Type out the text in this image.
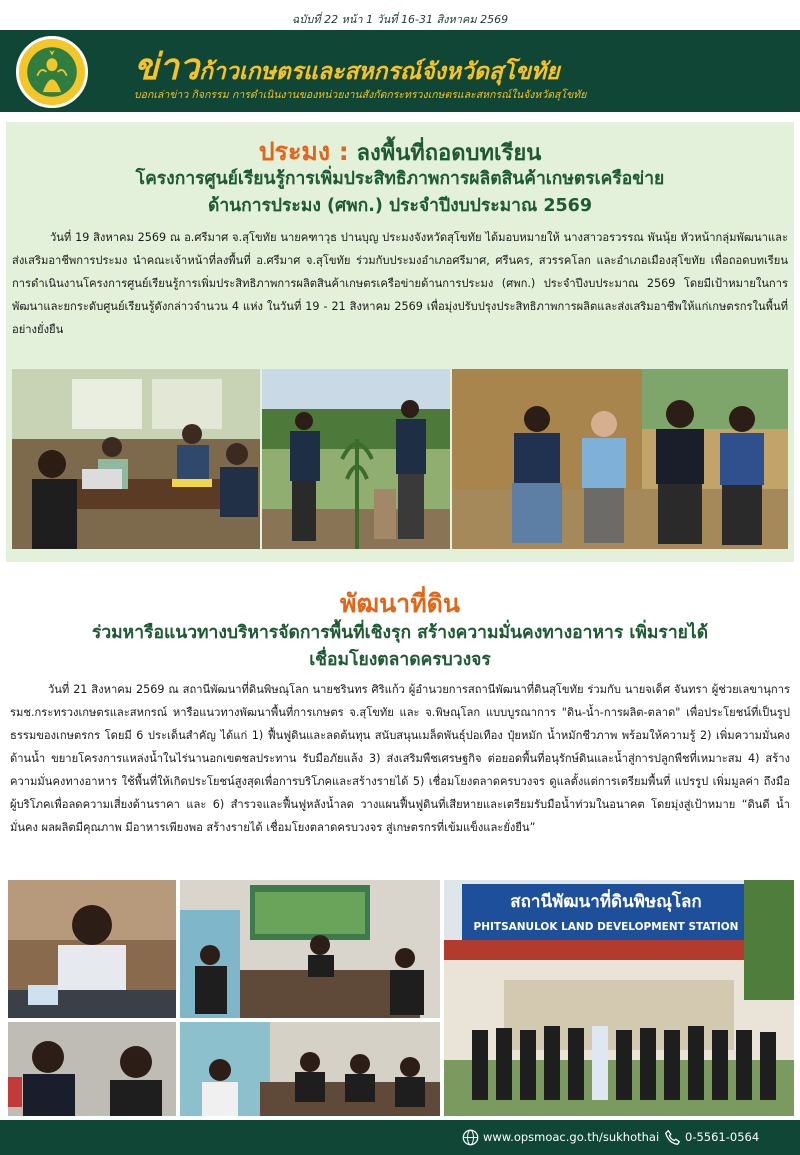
ฉบับที่ 22 หน้า 1 วันที่ 16-31 สิงหาคม 2569
ข่าวก้าวเกษตรและสหกรณ์จังหวัดสุโขทัย
บอกเล่าข่าว กิจกรรม การดำเนินงานของหน่วยงานสังกัดกระทรวงเกษตรและสหกรณ์ในจังหวัดสุโขทัย
ประมง : ลงพื้นที่ถอดบทเรียน
โครงการศูนย์เรียนรู้การเพิ่มประสิทธิภาพการผลิตสินค้าเกษตรเครือข่าย
ด้านการประมง (ศพก.) ประจำปีงบประมาณ 2569

วันที่ 19 สิงหาคม 2569 ณ อ.ศรีมาศ จ.สุโขทัย นายคฑาวุธ ปานบุญ ประมงจังหวัดสุโขทัย ได้มอบหมายให้ นางสาวอรวรรณ พันนุ้ย หัวหน้ากลุ่มพัฒนาและส่งเสริมอาชีพการประมง นำคณะเจ้าหน้าที่ลงพื้นที่ อ.ศรีมาศ จ.สุโขทัย ร่วมกับประมงอำเภอศรีมาศ, ศรีนคร, สวรรคโลก และอำเภอเมืองสุโขทัย เพื่อถอดบทเรียนการดำเนินงานโครงการศูนย์เรียนรู้การเพิ่มประสิทธิภาพการผลิตสินค้าเกษตรเครือข่ายด้านการประมง (ศพก.) ประจำปีงบประมาณ 2569 โดยมีเป้าหมายในการพัฒนาและยกระดับศูนย์เรียนรู้ดังกล่าวจำนวน 4 แห่ง ในวันที่ 19 - 21 สิงหาคม 2569 เพื่อมุ่งปรับปรุงประสิทธิภาพการผลิตและส่งเสริมอาชีพให้แก่เกษตรกรในพื้นที่อย่างยั่งยืน

พัฒนาที่ดิน
ร่วมหารือแนวทางบริหารจัดการพื้นที่เชิงรุก สร้างความมั่นคงทางอาหาร เพิ่มรายได้
เชื่อมโยงตลาดครบวงจร

วันที่ 21 สิงหาคม 2569 ณ สถานีพัฒนาที่ดินพิษณุโลก นายชรินทร ศิริแก้ว ผู้อำนวยการสถานีพัฒนาที่ดินสุโขทัย ร่วมกับ นายจเด็ศ จันทรา ผู้ช่วยเลขานุการ รมช.กระทรวงเกษตรและสหกรณ์ หารือแนวทางพัฒนาพื้นที่การเกษตร จ.สุโขทัย และ จ.พิษณุโลก แบบบูรณาการ "ดิน-น้ำ-การผลิต-ตลาด" เพื่อประโยชน์ที่เป็นรูปธรรมของเกษตรกร โดยมี 6 ประเด็นสำคัญ ได้แก่ 1) ฟื้นฟูดินและลดต้นทุน สนับสนุนเมล็ดพันธุ์ปอเทือง ปุ๋ยหมัก น้ำหมักชีวภาพ พร้อมให้ความรู้ 2) เพิ่มความมั่นคงด้านน้ำ ขยายโครงการแหล่งน้ำในไร่นานอกเขตชลประทาน รับมือภัยแล้ง 3) ส่งเสริมพืชเศรษฐกิจ ต่อยอดพื้นที่อนุรักษ์ดินและน้ำสู่การปลูกพืชที่เหมาะสม 4) สร้างความมั่นคงทางอาหาร ใช้พื้นที่ให้เกิดประโยชน์สูงสุดเพื่อการบริโภคและสร้างรายได้ 5) เชื่อมโยงตลาดครบวงจร ดูแลตั้งแต่การเตรียมพื้นที่ แปรรูป เพิ่มมูลค่า ถึงมือผู้บริโภคเพื่อลดความเสี่ยงด้านราคา และ 6) สำรวจและฟื้นฟูหลังน้ำลด วางแผนฟื้นฟูดินที่เสียหายและเตรียมรับมือน้ำท่วมในอนาคต โดยมุ่งสู่เป้าหมาย “ดินดี น้ำมั่นคง ผลผลิตมีคุณภาพ มีอาหารเพียงพอ สร้างรายได้ เชื่อมโยงตลาดครบวงจร สู่เกษตรกรที่เข้มแข็งและยั่งยืน”

สถานีพัฒนาที่ดินพิษณุโลก
PHITSANULOK LAND DEVELOPMENT STATION
www.opsmoac.go.th/sukhothai	0-5561-0564
